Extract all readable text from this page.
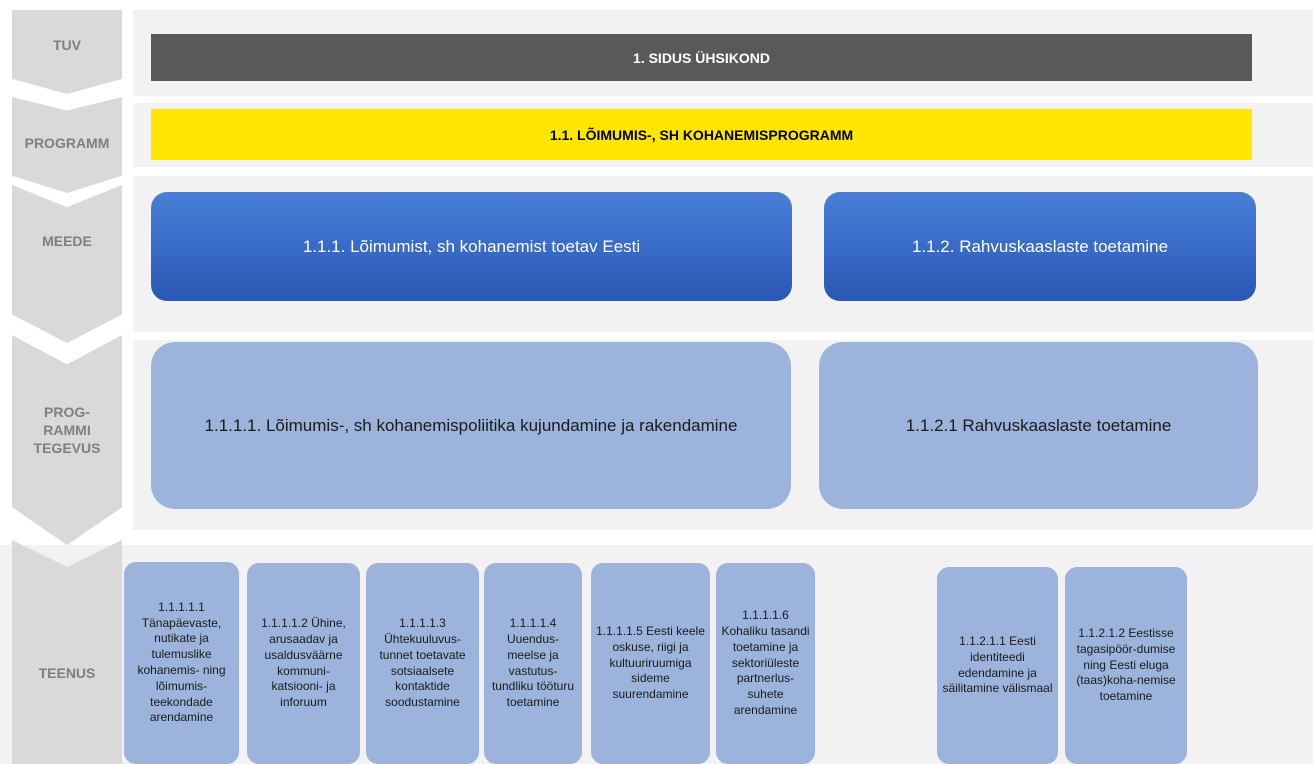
TUV
PROGRAMM
MEEDE
PROG-
RAMMI
TEGEVUS
TEENUS
1. SIDUS ÜHSIKOND
1.1. LÕIMUMIS-, SH KOHANEMISPROGRAMM
1.1.1. Lõimumist, sh kohanemist toetav Eesti	1.1.2. Rahvuskaaslaste toetamine
1.1.1.1. Lõimumis-, sh kohanemispoliitika kujundamine ja rakendamine	1.1.2.1 Rahvuskaaslaste toetamine
1.1.1.1.1 Tänapäevaste, nutikate ja tulemuslike kohanemis- ning lõimumis-teekondade arendamine
1.1.1.1.2 Ühine, arusaadav ja usaldusväärne kommuni-katsiooni- ja inforuum
1.1.1.1.3 Ühtekuuluvus-tunnet toetavate sotsiaalsete kontaktide soodustamine
1.1.1.1.4 Uuendus-meelse ja vastutus-tundliku tööturu toetamine
1.1.1.1.5 Eesti keele oskuse, riigi ja kultuuriruumiga sideme suurendamine
1.1.1.1.6 Kohaliku tasandi toetamine ja sektoriüleste partnerlus-suhete arendamine
1.1.2.1.1 Eesti identiteedi edendamine ja säilitamine välismaal
1.1.2.1.2 Eestisse tagasipöör-dumise ning Eesti eluga (taas)koha-nemise toetamine
